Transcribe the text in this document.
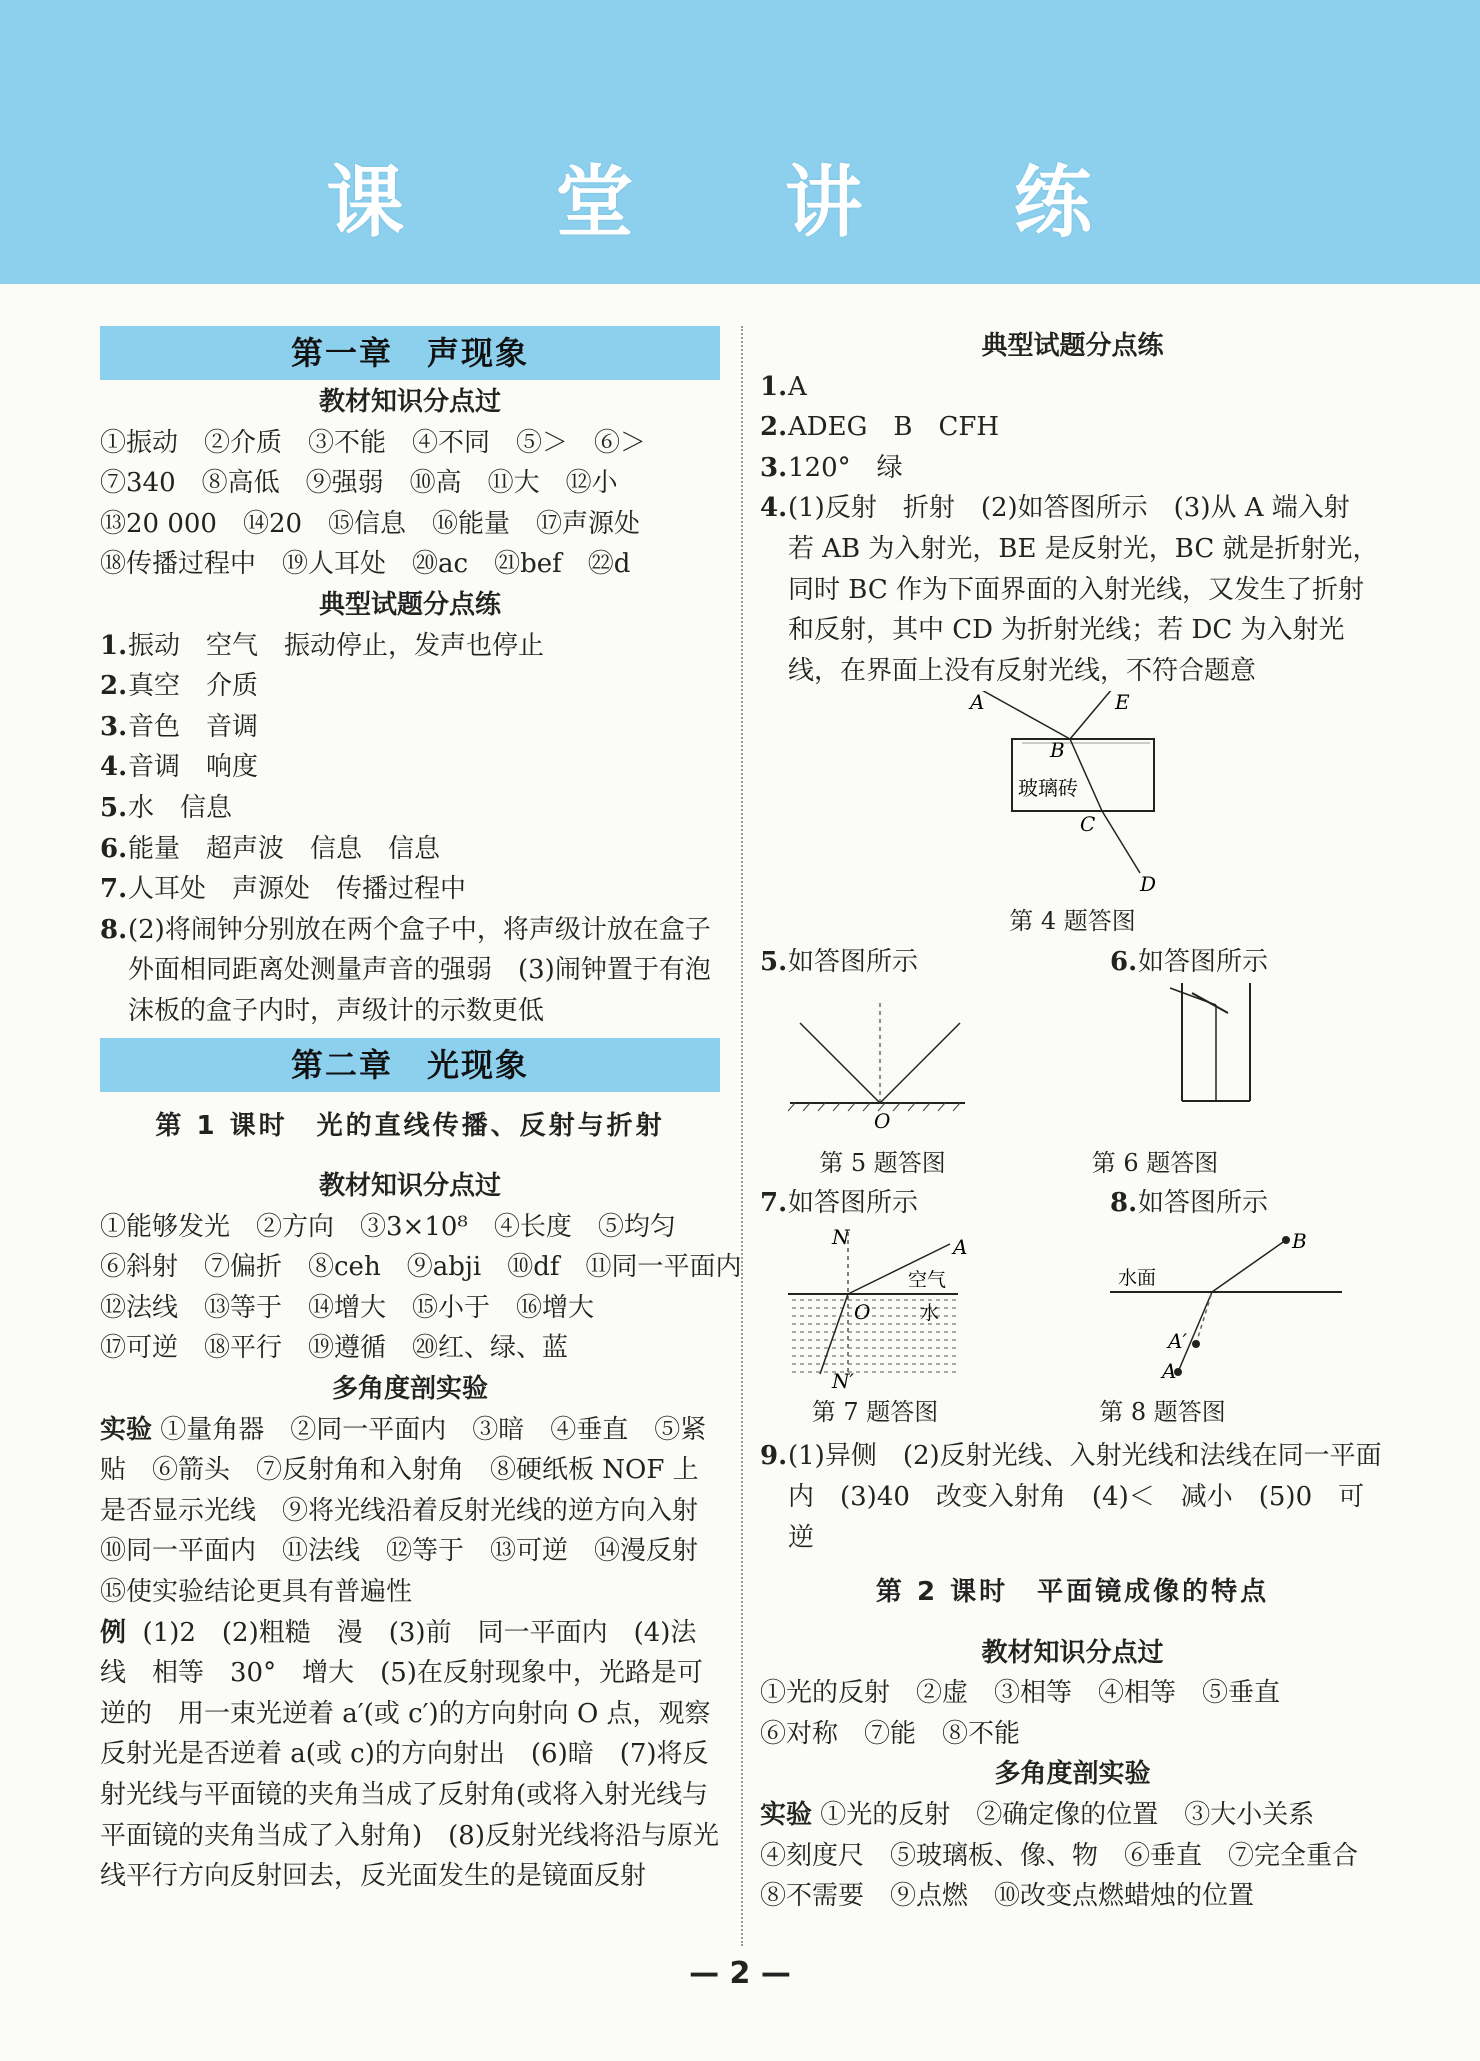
课 堂 讲 练
第一章　声现象
教材知识分点过
①振动　②介质　③不能　④不同　⑤＞　⑥＞
⑦340　⑧高低　⑨强弱　⑩高　⑪大　⑫小
⑬20 000　⑭20　⑮信息　⑯能量　⑰声源处
⑱传播过程中　⑲人耳处　⑳ac　㉑bef　㉒d
典型试题分点练
1. 振动　空气　振动停止，发声也停止
2. 真空　介质
3. 音色　音调
4. 音调　响度
5. 水　信息
6. 能量　超声波　信息　信息
7. 人耳处　声源处　传播过程中
8. (2)将闹钟分别放在两个盒子中，将声级计放在盒子外面相同距离处测量声音的强弱　(3)闹钟置于有泡沫板的盒子内时，声级计的示数更低
第二章　光现象
第 1 课时　光的直线传播、反射与折射
教材知识分点过
①能够发光　②方向　③3×10⁸　④长度　⑤均匀
⑥斜射　⑦偏折　⑧ceh　⑨abji　⑩df　⑪同一平面内
⑫法线　⑬等于　⑭增大　⑮小于　⑯增大
⑰可逆　⑱平行　⑲遵循　⑳红、绿、蓝
多角度剖实验
实验 ①量角器　②同一平面内　③暗　④垂直　⑤紧贴　⑥箭头　⑦反射角和入射角　⑧硬纸板 NOF 上是否显示光线　⑨将光线沿着反射光线的逆方向入射　⑩同一平面内　⑪法线　⑫等于　⑬可逆　⑭漫反射　⑮使实验结论更具有普遍性
例 (1)2　(2)粗糙　漫　(3)前　同一平面内　(4)法线　相等　30°　增大　(5)在反射现象中，光路是可逆的　用一束光逆着 a′(或 c′)的方向射向 O 点，观察反射光是否逆着 a(或 c)的方向射出　(6)暗　(7)将反射光线与平面镜的夹角当成了反射角(或将入射光线与平面镜的夹角当成了入射角)　(8)反射光线将沿与原光线平行方向反射回去，反光面发生的是镜面反射
典型试题分点练
1. A
2. ADEG　B　CFH
3. 120°　绿
4. (1)反射　折射　(2)如答图所示　(3)从 A 端入射　若 AB 为入射光，BE 是反射光，BC 就是折射光，同时 BC 作为下面界面的入射光线，又发生了折射和反射，其中 CD 为折射光线；若 DC 为入射光线，在界面上没有反射光线，不符合题意
A	E
B
玻璃砖
C
D
第 4 题答图
5. 如答图所示	6. 如答图所示
O
第 5 题答图	第 6 题答图
7. 如答图所示	8. 如答图所示
N	A
空气
O	水
N′
B
水面
A′
A
第 7 题答图	第 8 题答图
9. (1)异侧　(2)反射光线、入射光线和法线在同一平面内　(3)40　改变入射角　(4)＜　减小　(5)0　可逆
第 2 课时　平面镜成像的特点
教材知识分点过
①光的反射　②虚　③相等　④相等　⑤垂直
⑥对称　⑦能　⑧不能
多角度剖实验
实验 ①光的反射　②确定像的位置　③大小关系
④刻度尺　⑤玻璃板、像、物　⑥垂直　⑦完全重合
⑧不需要　⑨点燃　⑩改变点燃蜡烛的位置
— 2 —
